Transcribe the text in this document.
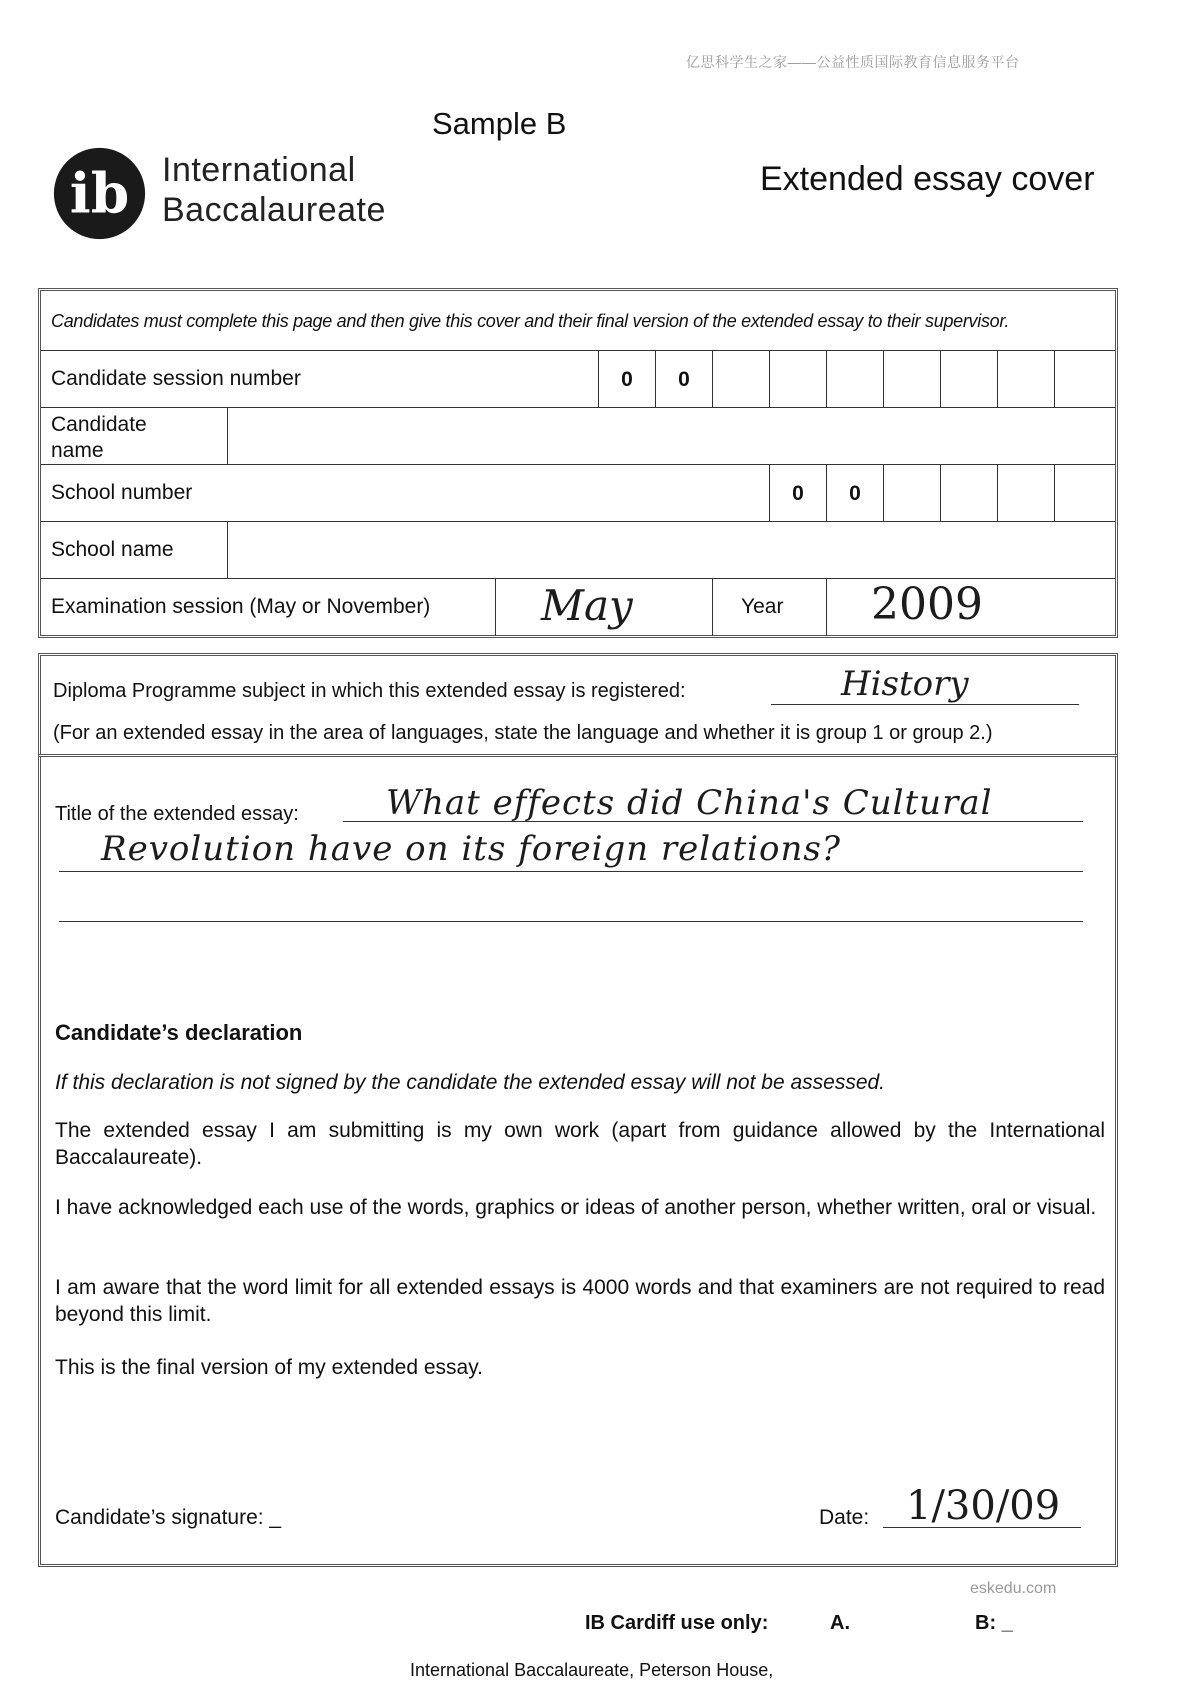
亿思科学生之家——公益性质国际教育信息服务平台
Sample B
ib International
Baccalaureate
Extended essay cover
Candidates must complete this page and then give this cover and their final version of the extended essay to their supervisor.
Candidate session number	0	0
Candidate
name
School number	0	0
School name
Examination session (May or November)	May	Year 2009
Diploma Programme subject in which this extended essay is registered:	History
(For an extended essay in the area of languages, state the language and whether it is group 1 or group 2.)
Title of the extended essay:	What effects did China's Cultural
Revolution have on its foreign relations?
Candidate’s declaration
If this declaration is not signed by the candidate the extended essay will not be assessed.
The extended essay I am submitting is my own work (apart from guidance allowed by the International Baccalaureate).
I have acknowledged each use of the words, graphics or ideas of another person, whether written, oral or visual.
I am aware that the word limit for all extended essays is 4000 words and that examiners are not required to read beyond this limit.
This is the final version of my extended essay.
Candidate’s signature: _	Date: 1/30/09
eskedu.com
IB Cardiff use only:	A.	B: _
International Baccalaureate, Peterson House,
